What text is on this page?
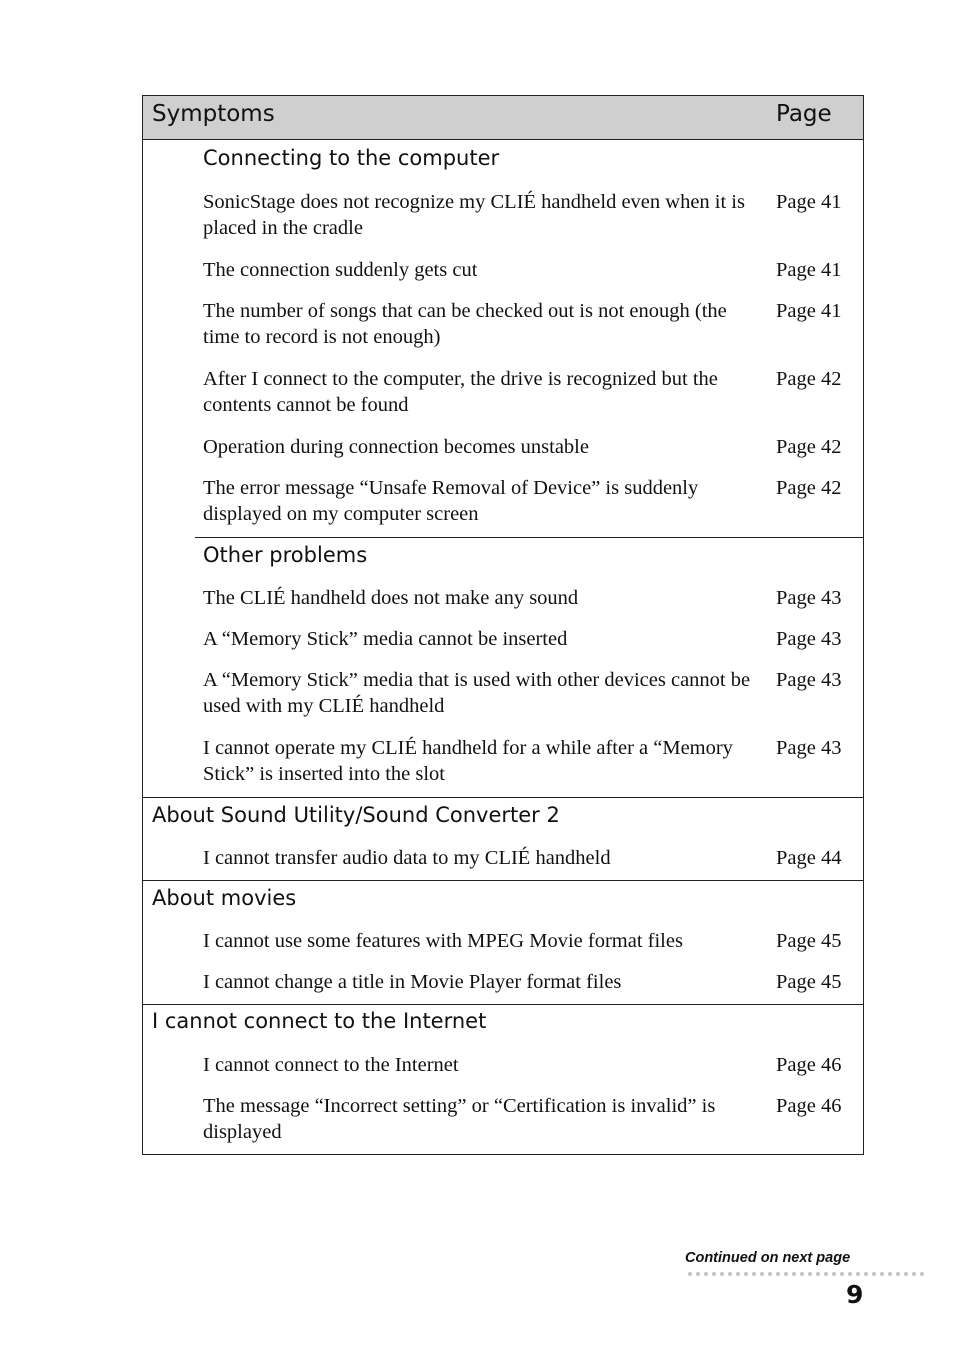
Symptoms	Page
Connecting to the computer
SonicStage does not recognize my CLIÉ handheld even when it is placed in the cradle
Page 41
The connection suddenly gets cut	Page 41
The number of songs that can be checked out is not enough (the time to record is not enough)
Page 41
After I connect to the computer, the drive is recognized but the contents cannot be found
Page 42
Operation during connection becomes unstable	Page 42
The error message “Unsafe Removal of Device” is suddenly displayed on my computer screen
Page 42
Other problems
The CLIÉ handheld does not make any sound	Page 43
A “Memory Stick” media cannot be inserted	Page 43
A “Memory Stick” media that is used with other devices cannot be used with my CLIÉ handheld
Page 43
I cannot operate my CLIÉ handheld for a while after a “Memory Stick” is inserted into the slot
Page 43
About Sound Utility/Sound Converter 2
I cannot transfer audio data to my CLIÉ handheld	Page 44
About movies
I cannot use some features with MPEG Movie format files	Page 45
I cannot change a title in Movie Player format files	Page 45
I cannot connect to the Internet
I cannot connect to the Internet	Page 46
The message “Incorrect setting” or “Certification is invalid” is displayed
Page 46
Continued on next page
9
